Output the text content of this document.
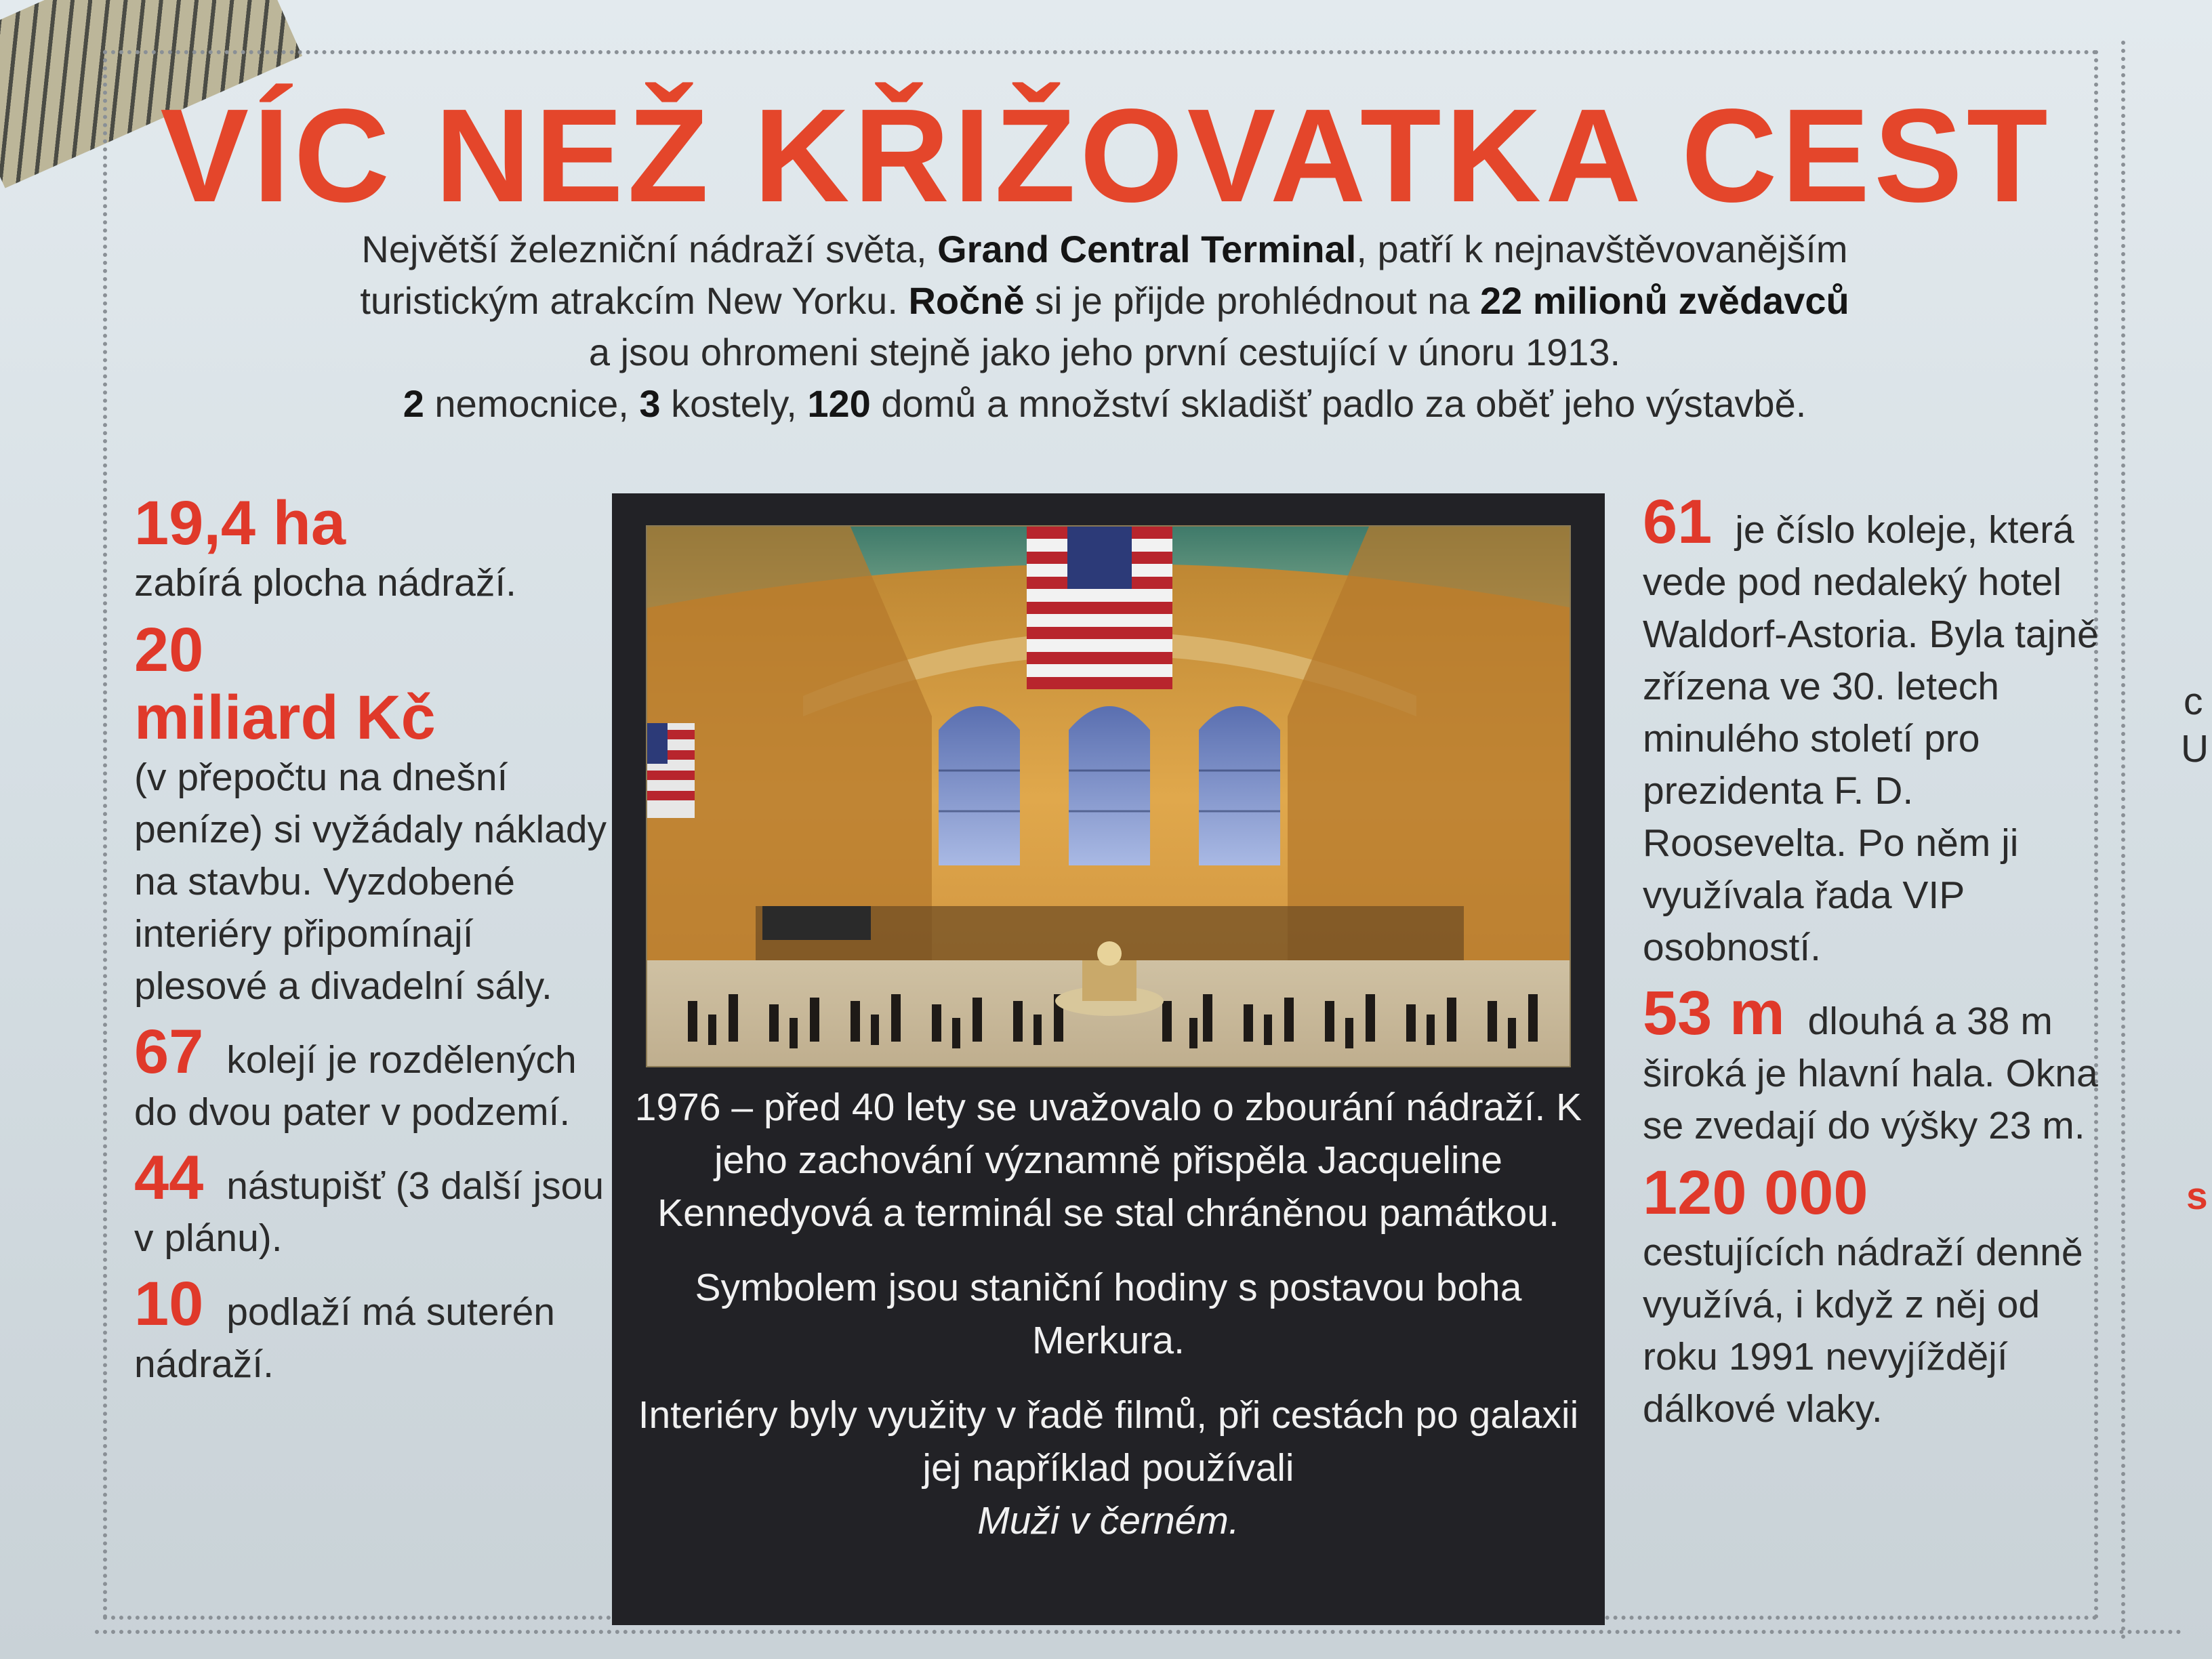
VÍC NEŽ KŘIŽOVATKA CEST
Největší železniční nádraží světa, Grand Central Terminal, patří k nejnavštěvovanějším
turistickým atrakcím New Yorku. Ročně si je přijde prohlédnout na 22 milionů zvědavců
a jsou ohromeni stejně jako jeho první cestující v únoru 1913.
2 nemocnice, 3 kostely, 120 domů a množství skladišť padlo za oběť jeho výstavbě.
19,4 ha
zabírá plocha nádraží.
20
miliard Kč
(v přepočtu na dnešní peníze) si vyžádaly náklady na stavbu. Vyzdobené interiéry připomínají plesové a divadelní sály.
67 kolejí je rozdělených do dvou pater v podzemí.
44 nástupišť (3 další jsou v plánu).
10 podlaží má suterén nádraží.

1976 – před 40 lety se uvažovalo o zbourání nádraží. K jeho zachování významně přispěla Jacqueline Kennedyová a terminál se stal chráněnou památkou.

Symbolem jsou staniční hodiny s postavou boha Merkura.

Interiéry byly využity v řadě filmů, při cestách po galaxii jej například používali
Muži v černém.

61 je číslo koleje, která vede pod nedaleký hotel Waldorf-Astoria. Byla tajně zřízena ve 30. letech minulého století pro prezidenta F. D. Roosevelta. Po něm ji využívala řada VIP osobností.
53 m dlouhá a 38 m široká je hlavní hala. Okna se zvedají do výšky 23 m.
120 000
cestujících nádraží denně využívá, i když z něj od roku 1991 nevyjíždějí dálkové vlaky.
c
U
s
